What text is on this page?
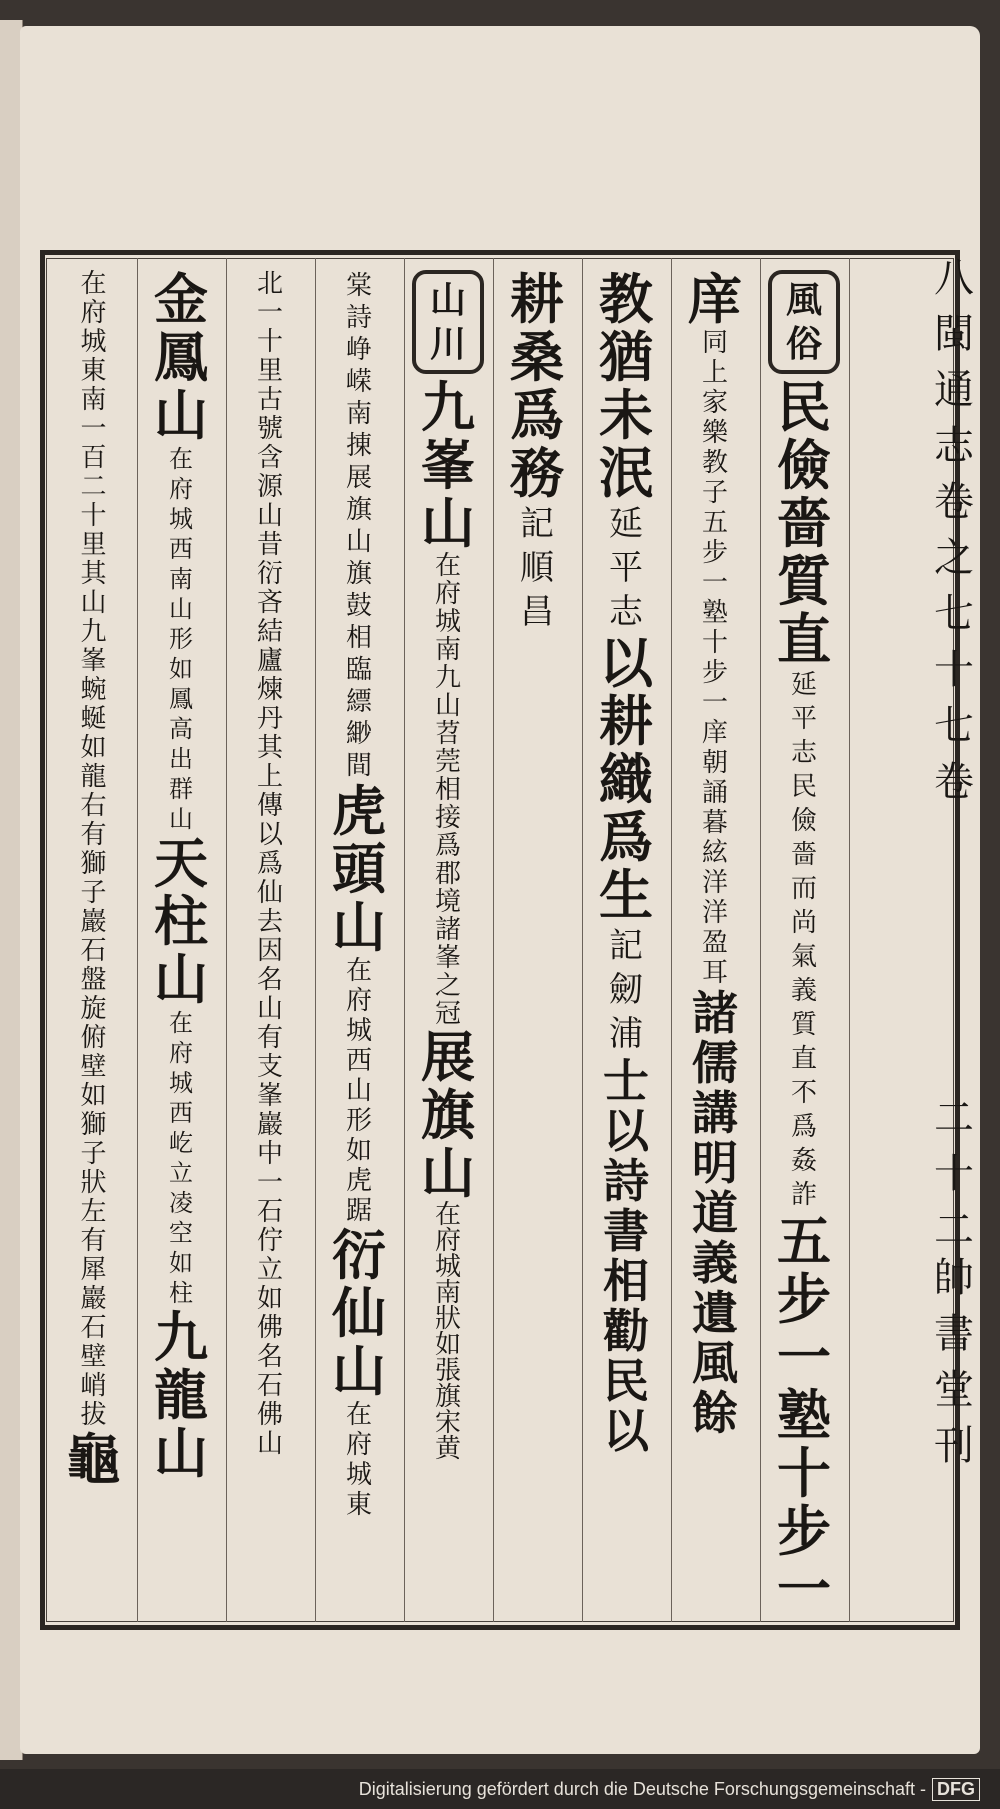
八
閩
通
志
卷
之
七
十
七
卷
二
十
二
帥
書
堂
刊
風
俗
民
儉
嗇
質
直
延
平
志
民
儉
嗇
而
尚
氣
義
質
直
不
爲
姦
詐
五
步
一
塾
十
步
一
庠
同
上
家
樂
教
子
五
步
一
塾
十
步
一
庠
朝
誦
暮
絃
洋
洋
盈
耳
諸
儒
講
明
道
義
遺
風
餘
教
猶
未
泯
延
平
志
以
耕
織
爲
生
記
劒
浦
士
以
詩
書
相
勸
民
以
耕
桑
爲
務
記
順
昌
山
川
九
峯
山
在
府
城
南
九
山
苕
莞
相
接
爲
郡
境
諸
峯
之
冠
展
旗
山
在
府
城
南
狀
如
張
旗
宋
黄
棠
詩
峥
嵘
南
㨂
展
旗
山
旗
鼓
相
臨
縹
緲
間
虎
頭
山
在
府
城
西
山
形
如
虎
踞
衍
仙
山
在
府
城
東
北
一
十
里
古
號
含
源
山
昔
衍
吝
結
廬
煉
丹
其
上
傳
以
爲
仙
去
因
名
山
有
支
峯
巖
中
一
石
佇
立
如
佛
名
石
佛
山
金
鳳
山
在
府
城
西
南
山
形
如
鳳
高
出
群
山
天
柱
山
在
府
城
西
屹
立
凌
空
如
柱
九
龍
山
在
府
城
東
南
一
百
二
十
里
其
山
九
峯
蜿
蜒
如
龍
右
有
獅
子
巖
石
盤
旋
俯
壁
如
獅
子
狀
左
有
犀
巖
石
壁
峭
拔
龜
Digitalisierung gefördert durch die Deutsche Forschungsgemeinschaft - DFG
